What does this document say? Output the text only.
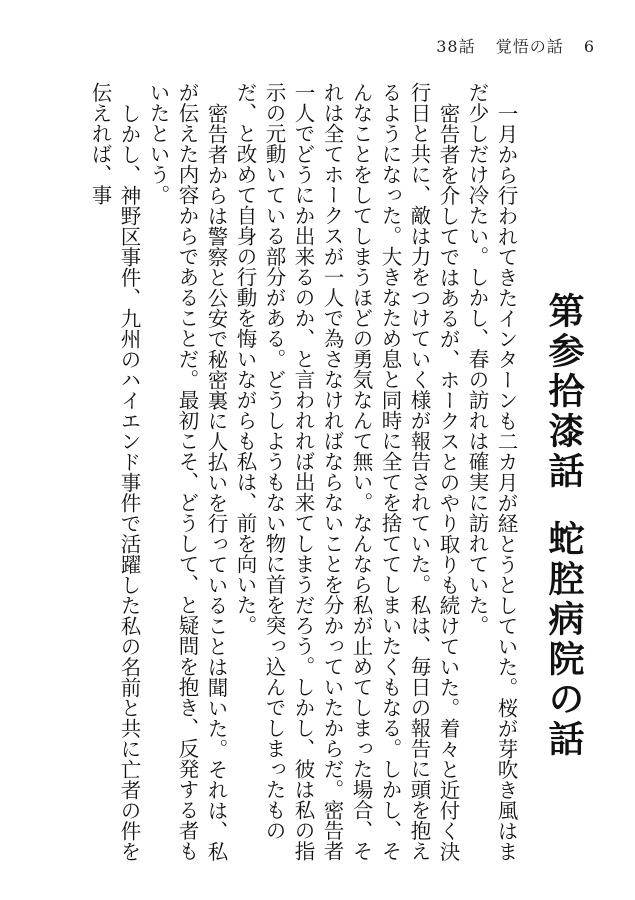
38話 覚悟の話 6
第参拾漆話蛇腔病院の話

一月から行われてきたインターンも二カ月が経とうとしていた。桜が芽吹き風はまだ少しだけ冷たい。しかし、春の訪れは確実に訪れていた。

密告者を介してではあるが、ホークスとのやり取りも続けていた。着々と近付く決行日と共に、敵は力をつけていく様が報告されていた。私は、毎日の報告に頭を抱えるようになった。大きなため息と同時に全てを捨ててしまいたくもなる。しかし、そんなことをしてしまうほどの勇気なんて無い。なんなら私が止めてしまった場合、それは全てホークスが一人で為さなければならないことを分かっていたからだ。密告者一人でどうにか出来るのか、と言われれば出来てしまうだろう。しかし、彼は私の指示の元動いている部分がある。どうしようもない物に首を突っ込んでしまったものだ、と改めて自身の行動を悔いながらも私は、前を向いた。

密告者からは警察と公安で秘密裏に人払いを行っていることは聞いた。それは、私が伝えた内容からであることだ。最初こそ、どうして、と疑問を抱き、反発する者もいたという。

しかし、神野区事件、九州のハイエンド事件で活躍した私の名前と共に亡者の件を伝えれば、事
